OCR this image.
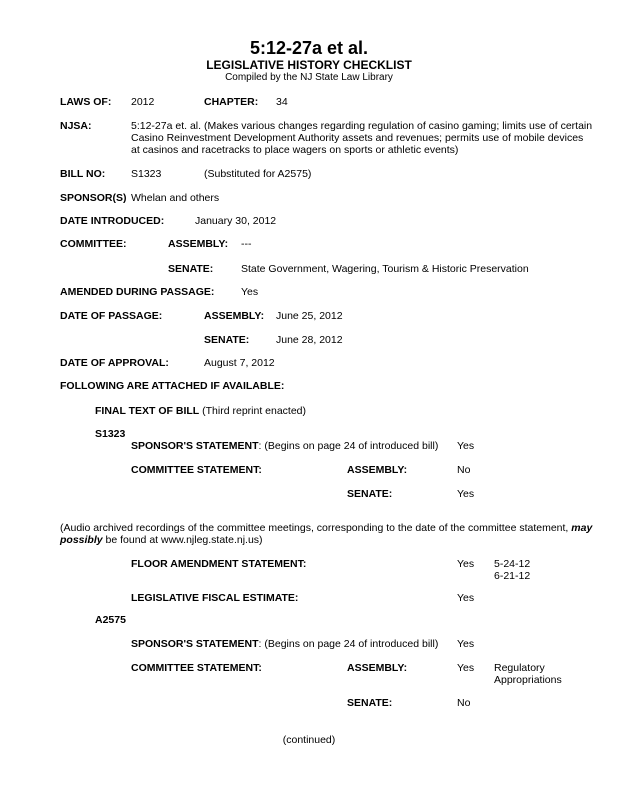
5:12-27a et al.
LEGISLATIVE HISTORY CHECKLIST
Compiled by the NJ State Law Library
LAWS OF: 2012	CHAPTER: 34
NJSA:	5:12-27a et. al. (Makes various changes regarding regulation of casino gaming; limits use of certain Casino Reinvestment Development Authority assets and revenues; permits use of mobile devices at casinos and racetracks to place wagers on sports or athletic events)
BILL NO: S1323	(Substituted for A2575)
SPONSOR(S) Whelan and others
DATE INTRODUCED:	January 30, 2012
COMMITTEE:	ASSEMBLY: ---
SENATE:	State Government, Wagering, Tourism & Historic Preservation
AMENDED DURING PASSAGE:	Yes
DATE OF PASSAGE:	ASSEMBLY: June 25, 2012
SENATE:	June 28, 2012
DATE OF APPROVAL:	August 7, 2012
FOLLOWING ARE ATTACHED IF AVAILABLE:
FINAL TEXT OF BILL (Third reprint enacted)
S1323
SPONSOR'S STATEMENT: (Begins on page 24 of introduced bill) Yes
COMMITTEE STATEMENT:	ASSEMBLY:	No
SENATE:	Yes
(Audio archived recordings of the committee meetings, corresponding to the date of the committee statement, may possibly be found at www.njleg.state.nj.us)
FLOOR AMENDMENT STATEMENT:	Yes 5-24-12
6-21-12
LEGISLATIVE FISCAL ESTIMATE:	Yes
A2575
SPONSOR'S STATEMENT: (Begins on page 24 of introduced bill) Yes
COMMITTEE STATEMENT:	ASSEMBLY:	Yes Regulatory
Appropriations
SENATE:	No
(continued)
